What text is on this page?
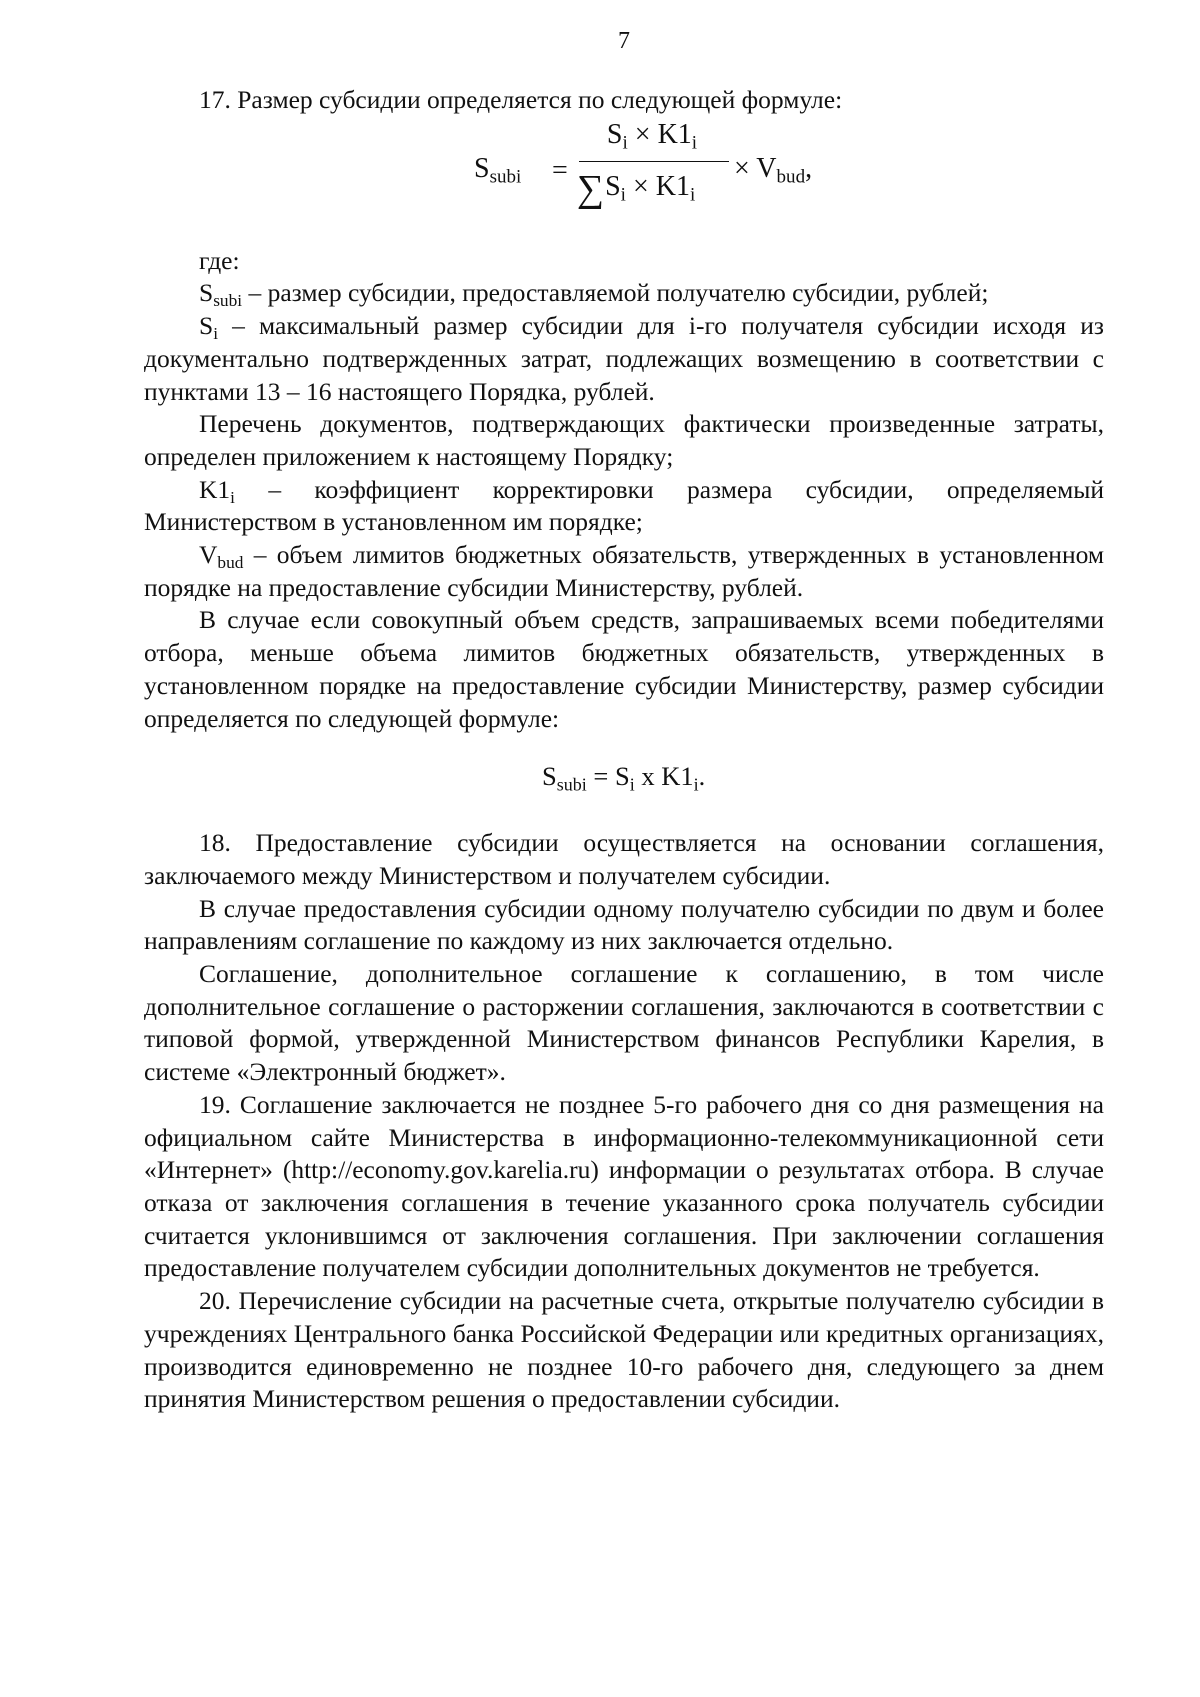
7

17. Размер субсидии определяется по следующей формуле:

$S_{subi}$ =
$S_i \times K1_i$
$\sum S_i \times K1_i$
× $V_{bud}$,

где:

$S_{subi}$ – размер субсидии, предоставляемой получателю субсидии, рублей;

$S_i$ – максимальный размер субсидии для i-го получателя субсидии исходя из документально подтвержденных затрат, подлежащих возмещению в соответствии с пунктами 13 – 16 настоящего Порядка, рублей.

Перечень документов, подтверждающих фактически произведенные затраты, определен приложением к настоящему Порядку;

$K1_i$ – коэффициент корректировки размера субсидии, определяемый Министерством в установленном им порядке;

$V_{bud}$ – объем лимитов бюджетных обязательств, утвержденных в установленном порядке на предоставление субсидии Министерству, рублей.

В случае если совокупный объем средств, запрашиваемых всеми победителями отбора, меньше объема лимитов бюджетных обязательств, утвержденных в установленном порядке на предоставление субсидии Министерству, размер субсидии определяется по следующей формуле:

$S_{subi} = S_i$ x $K1_i$.

18. Предоставление субсидии осуществляется на основании соглашения, заключаемого между Министерством и получателем субсидии.

В случае предоставления субсидии одному получателю субсидии по двум и более направлениям соглашение по каждому из них заключается отдельно.

Соглашение, дополнительное соглашение к соглашению, в том числе дополнительное соглашение о расторжении соглашения, заключаются в соответствии с типовой формой, утвержденной Министерством финансов Республики Карелия, в системе «Электронный бюджет».

19. Соглашение заключается не позднее 5-го рабочего дня со дня размещения на официальном сайте Министерства в информационно-телекоммуникационной сети «Интернет» (http://economy.gov.karelia.ru) информации о результатах отбора. В случае отказа от заключения соглашения в течение указанного срока получатель субсидии считается уклонившимся от заключения соглашения. При заключении соглашения предоставление получателем субсидии дополнительных документов не требуется.

20. Перечисление субсидии на расчетные счета, открытые получателю субсидии в учреждениях Центрального банка Российской Федерации или кредитных организациях, производится единовременно не позднее 10-го рабочего дня, следующего за днем принятия Министерством решения о предоставлении субсидии.
